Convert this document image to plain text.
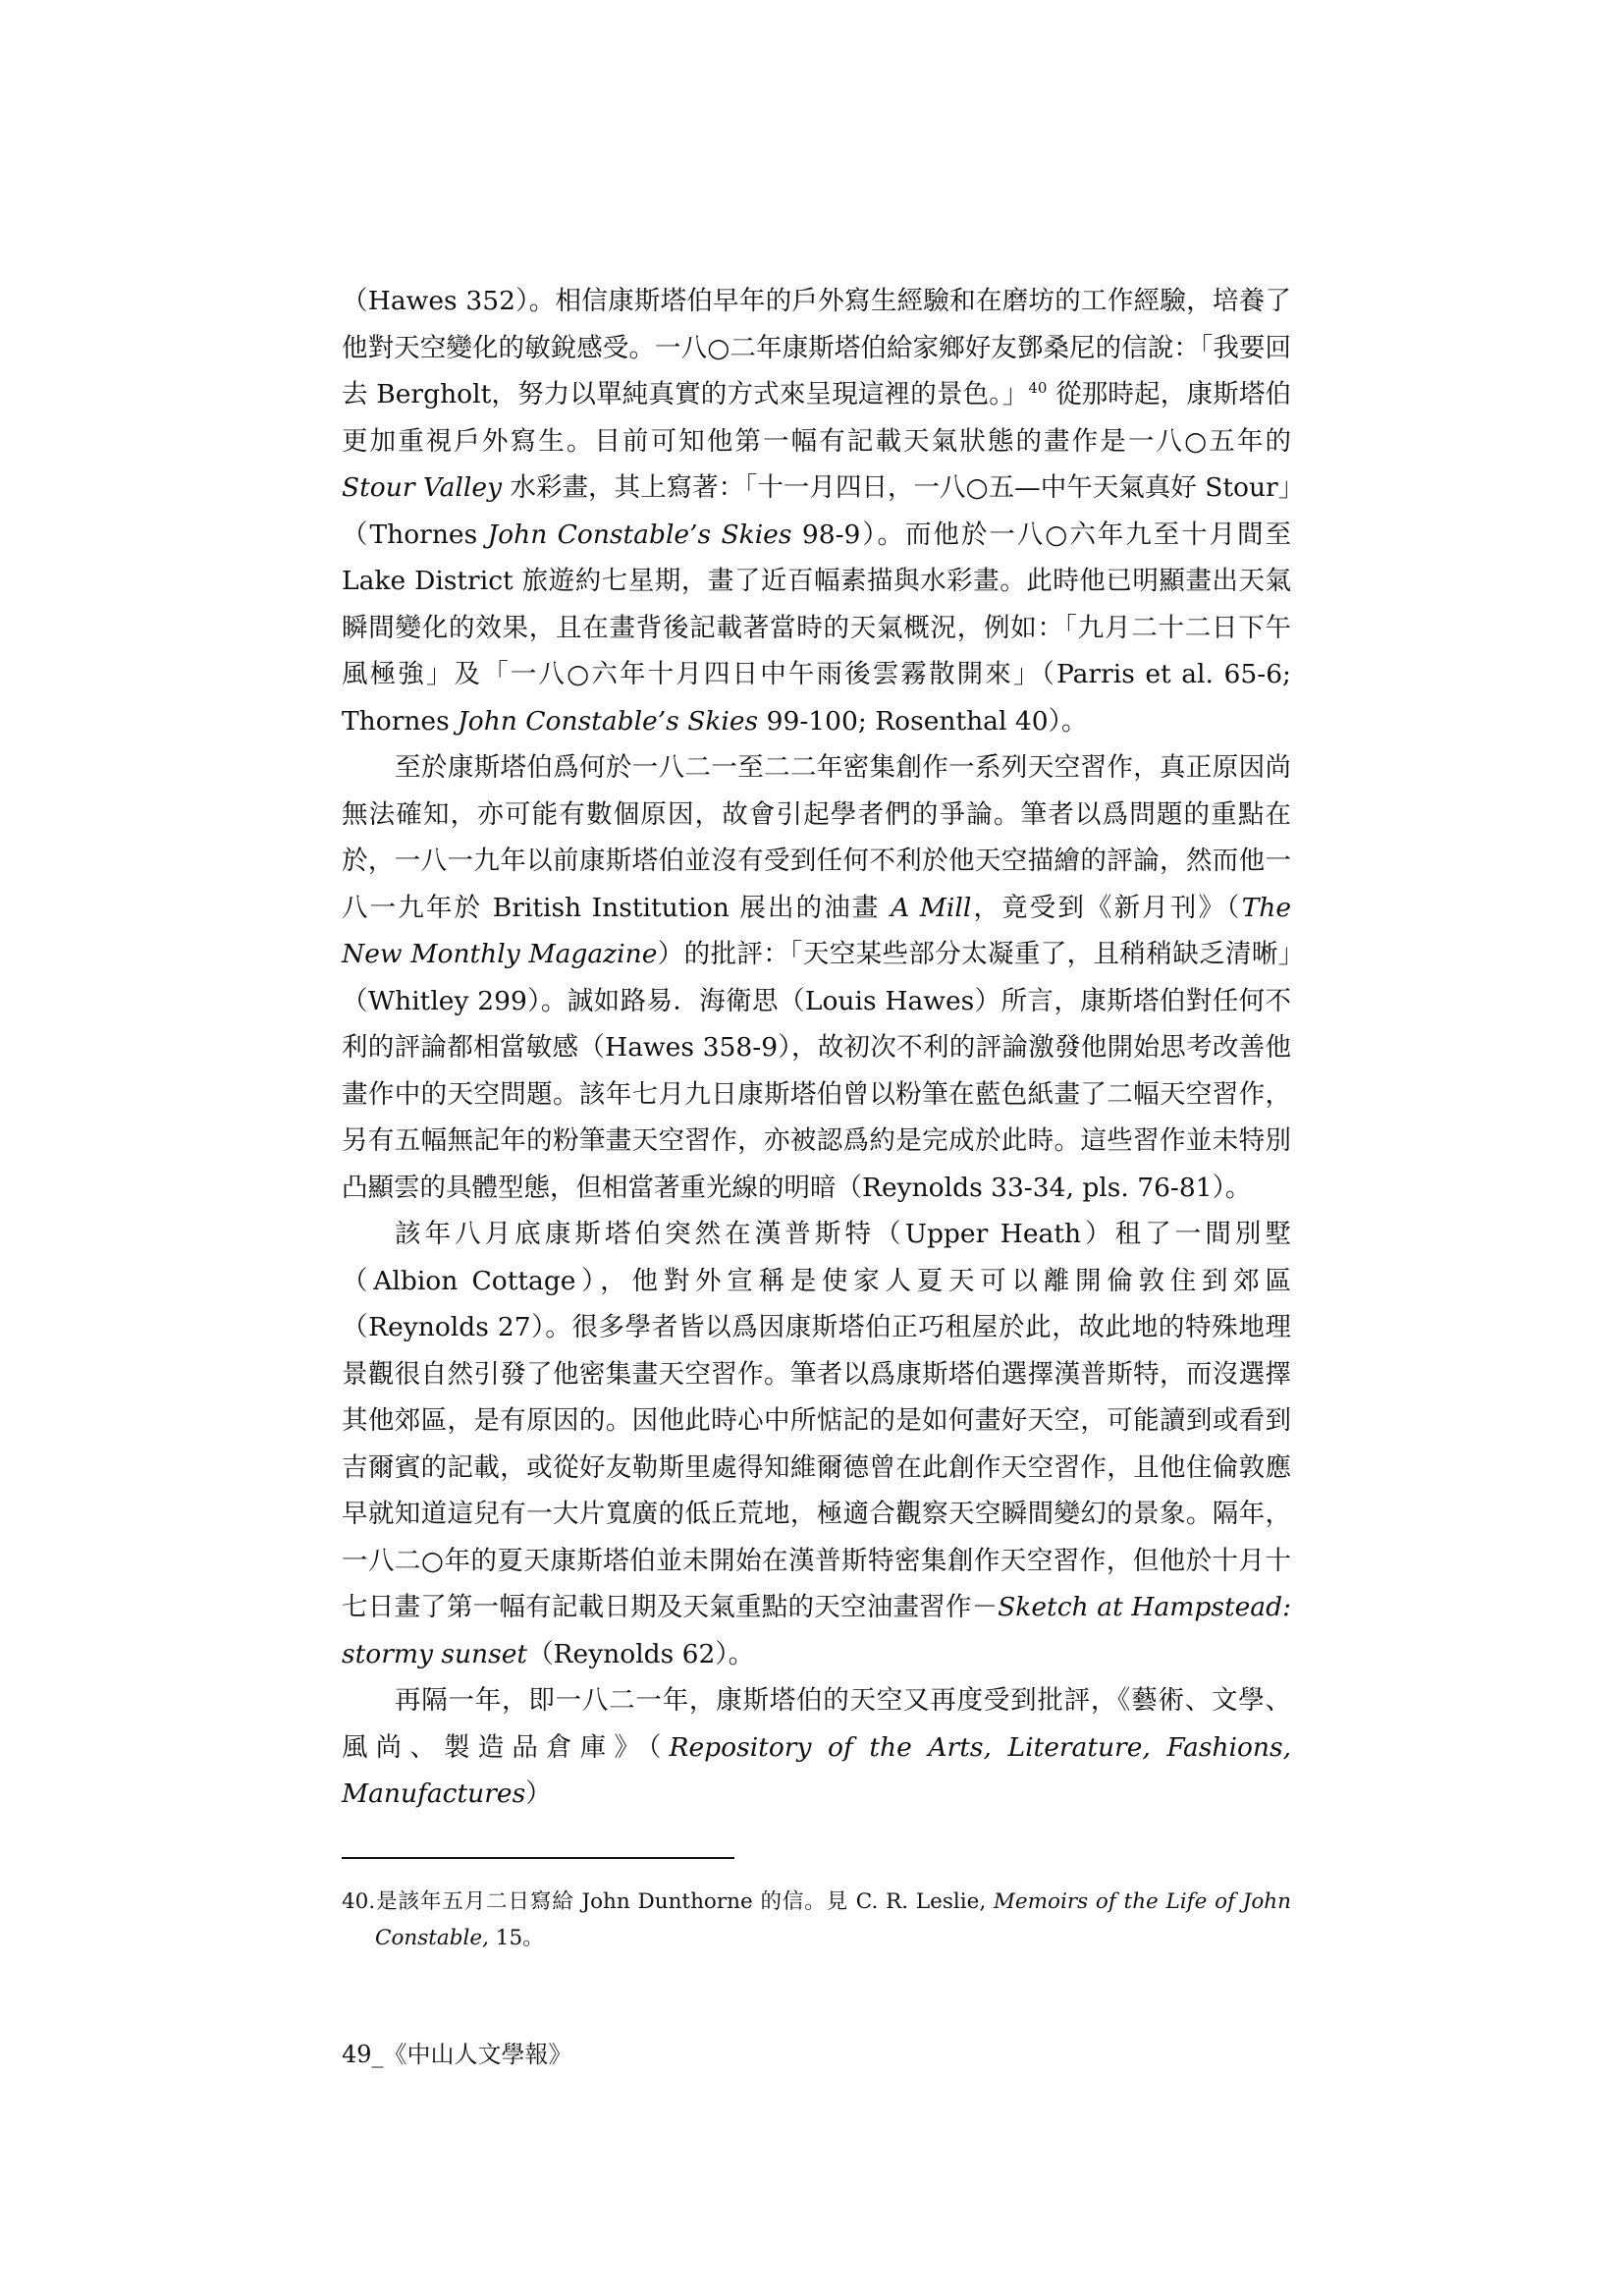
（Hawes 352）。相信康斯塔伯早年的戶外寫生經驗和在磨坊的工作經驗，培養了他對天空變化的敏銳感受。一八○二年康斯塔伯給家鄉好友鄧桑尼的信說：「我要回去 Bergholt，努力以單純真實的方式來呈現這裡的景色。」$^{40}$ 從那時起，康斯塔伯更加重視戶外寫生。目前可知他第一幅有記載天氣狀態的畫作是一八○五年的 Stour Valley 水彩畫，其上寫著：「十一月四日，一八○五—中午天氣真好 Stour」（Thornes John Constable’s Skies 98-9）。而他於一八○六年九至十月間至 Lake District 旅遊約七星期，畫了近百幅素描與水彩畫。此時他已明顯畫出天氣瞬間變化的效果，且在畫背後記載著當時的天氣概況，例如：「九月二十二日下午風極強」及「一八○六年十月四日中午雨後雲霧散開來」（Parris et al. 65-6; Thornes John Constable’s Skies 99-100; Rosenthal 40）。

至於康斯塔伯爲何於一八二一至二二年密集創作一系列天空習作，真正原因尚無法確知，亦可能有數個原因，故會引起學者們的爭論。筆者以爲問題的重點在於，一八一九年以前康斯塔伯並沒有受到任何不利於他天空描繪的評論，然而他一八一九年於 British Institution 展出的油畫 A Mill，竟受到《新月刊》（The New Monthly Magazine）的批評：「天空某些部分太凝重了，且稍稍缺乏清晰」（Whitley 299）。誠如路易．海衛思（Louis Hawes）所言，康斯塔伯對任何不利的評論都相當敏感（Hawes 358-9），故初次不利的評論激發他開始思考改善他畫作中的天空問題。該年七月九日康斯塔伯曾以粉筆在藍色紙畫了二幅天空習作，另有五幅無記年的粉筆畫天空習作，亦被認爲約是完成於此時。這些習作並未特別凸顯雲的具體型態，但相當著重光線的明暗（Reynolds 33-34, pls. 76-81）。

該年八月底康斯塔伯突然在漢普斯特（Upper Heath）租了一間別墅（Albion Cottage），他對外宣稱是使家人夏天可以離開倫敦住到郊區（Reynolds 27）。很多學者皆以爲因康斯塔伯正巧租屋於此，故此地的特殊地理景觀很自然引發了他密集畫天空習作。筆者以爲康斯塔伯選擇漢普斯特，而沒選擇其他郊區，是有原因的。因他此時心中所惦記的是如何畫好天空，可能讀到或看到吉爾賓的記載，或從好友勒斯里處得知維爾德曾在此創作天空習作，且他住倫敦應早就知道這兒有一大片寬廣的低丘荒地，極適合觀察天空瞬間變幻的景象。隔年，一八二○年的夏天康斯塔伯並未開始在漢普斯特密集創作天空習作，但他於十月十七日畫了第一幅有記載日期及天氣重點的天空油畫習作－Sketch at Hampstead: stormy sunset（Reynolds 62）。

再隔一年，即一八二一年，康斯塔伯的天空又再度受到批評，《藝術、文學、風尚、製造品倉庫》（Repository of the Arts, Literature, Fashions, Manufactures）

40.是該年五月二日寫給 John Dunthorne 的信。見 C. R. Leslie, Memoirs of the Life of John Constable, 15。
49_《中山人文學報》
